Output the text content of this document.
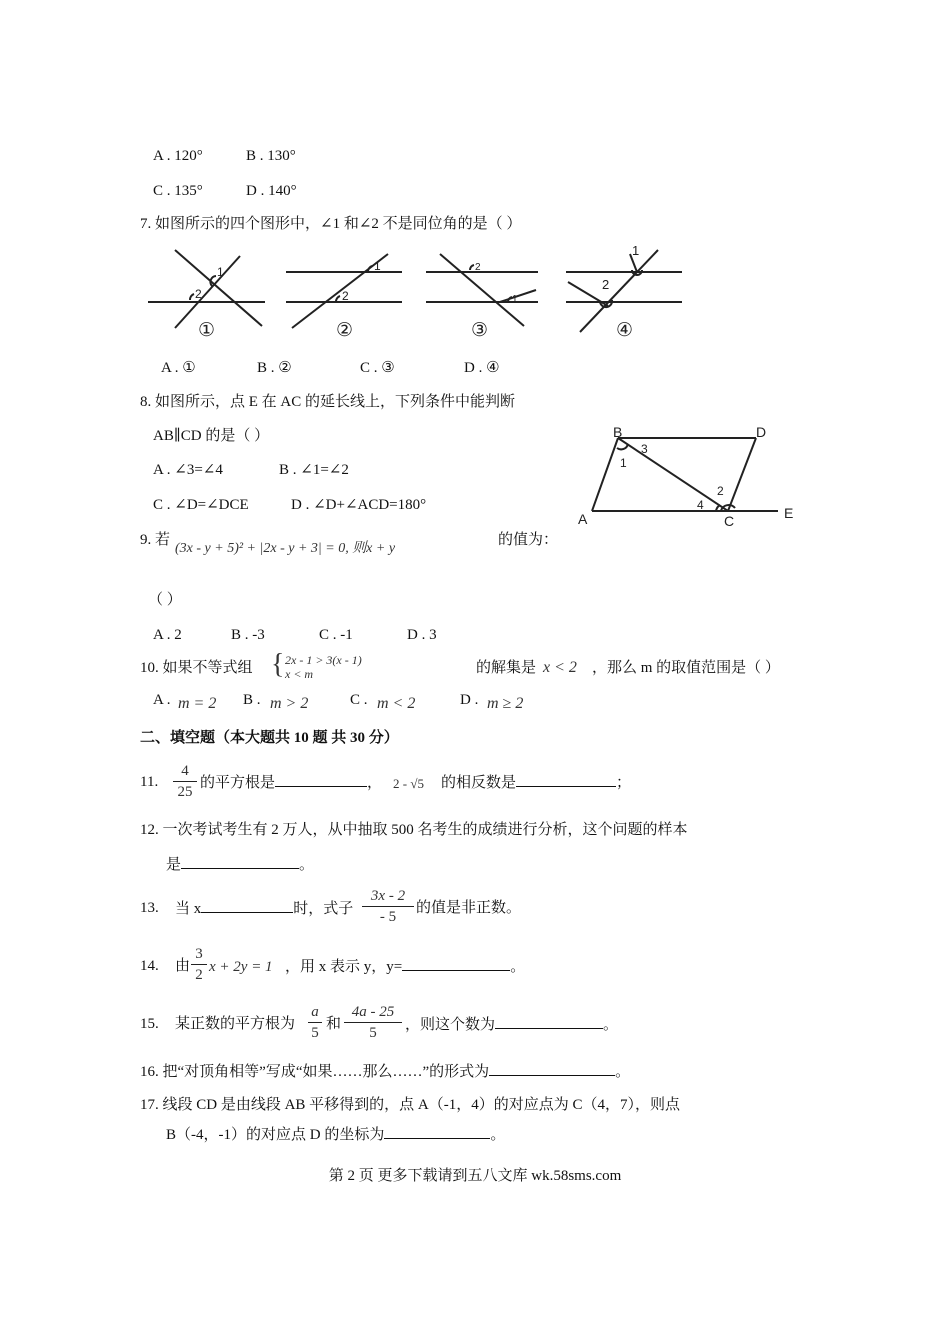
A . 120°	B . 130°
C . 135°	D . 140°
7. 如图所示的四个图形中，∠1 和∠2 不是同位角的是（ ）
1
2
①
1
2
②
2
1
③
1
2
④
A . ①	B . ②	C . ③	D . ④
8. 如图所示，点 E 在 AC 的延长线上，下列条件中能判断
AB∥CD 的是（ ）
A . ∠3=∠4	B . ∠1=∠2
C . ∠D=∠DCE	D . ∠D+∠ACD=180°
B	D
A	C	E
1
3
2
4
9. 若
(3x - y + 5)² + |2x - y + 3| = 0, 则x + y
的值为：
（ ）
A . 2	B . -3	C . -1	D . 3
10. 如果不等式组 { 2x - 1 > 3(x - 1)
x < m	的解集是 x < 2 ，那么 m 的取值范围是（ ）
A . m = 2 B . m > 2	C . m < 2	D . m ≥ 2
二、填空题（本大题共 10 题 共 30 分）
11.
4
25
的平方根是	， 2 - √5 的相反数是	；
12. 一次考试考生有 2 万人，从中抽取 500 名考生的成绩进行分析，这个问题的样本
是	。
13. 当 x	时，式子
3x - 2
- 5
的值是非正数。
14. 由
3
2 x + 2y = 1 ，用 x 表示 y，y=	。
15. 某正数的平方根为
a
5
和
4a - 25
5	，则这个数为	。
16. 把“对顶角相等”写成“如果……那么……”的形式为	。
17. 线段 CD 是由线段 AB 平移得到的，点 A（-1，4）的对应点为 C（4，7），则点
B（-4，-1）的对应点 D 的坐标为	。
第 2 页 更多下载请到五八文库 wk.58sms.com
